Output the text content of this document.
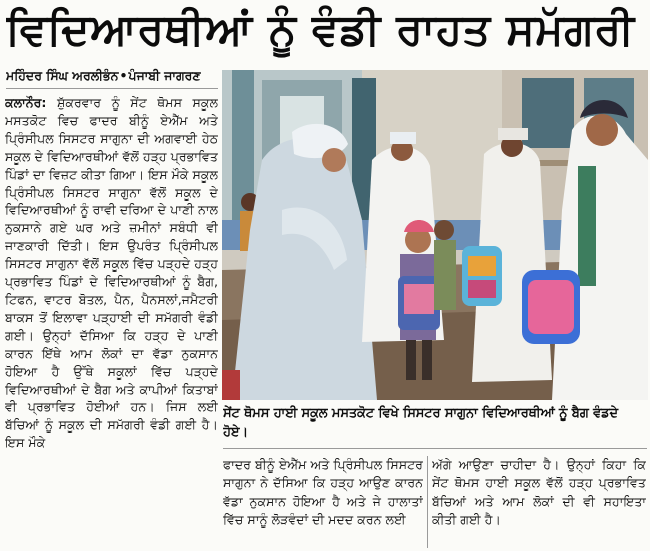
ਵਿਦਿਆਰਥੀਆਂ ਨੂੰ ਵੰਡੀ ਰਾਹਤ ਸਮੱਗਰੀ
ਮਹਿੰਦਰ ਸਿੰਘ ਅਰਲੀਭੰਨ•ਪੰਜਾਬੀ ਜਾਗਰਣ

ਕਲਾਨੌਰ: ਸ਼ੁੱਕਰਵਾਰ ਨੂੰ ਸੇਂਟ ਥੋਮਸ ਸਕੂਲ ਮਸਤਕੋਟ ਵਿਚ ਫਾਦਰ ਬੀਨੂੰ ਏਐੱਮ ਅਤੇ ਪ੍ਰਿੰਸੀਪਲ ਸਿਸਟਰ ਸਾਗੁਨਾ ਦੀ ਅਗਵਾਈ ਹੇਠ ਸਕੂਲ ਦੇ ਵਿਦਿਆਰਥੀਆਂ ਵੱਲੋਂ ਹੜ੍ਹ ਪ੍ਰਭਾਵਿਤ ਪਿੰਡਾਂ ਦਾ ਵਿਜ਼ਟ ਕੀਤਾ ਗਿਆ। ਇਸ ਮੌਕੇ ਸਕੂਲ ਪ੍ਰਿੰਸੀਪਲ ਸਿਸਟਰ ਸਾਗੁਨਾ ਵੱਲੋਂ ਸਕੂਲ ਦੇ ਵਿਦਿਆਰਥੀਆਂ ਨੂੰ ਰਾਵੀ ਦਰਿਆ ਦੇ ਪਾਣੀ ਨਾਲ ਨੁਕਸਾਨੇ ਗਏ ਘਰ ਅਤੇ ਜ਼ਮੀਨਾਂ ਸਬੰਧੀ ਵੀ ਜਾਣਕਾਰੀ ਦਿੱਤੀ। ਇਸ ਉਪਰੰਤ ਪ੍ਰਿੰਸੀਪਲ ਸਿਸਟਰ ਸਾਗੁਨਾ ਵੱਲੋਂ ਸਕੂਲ ਵਿੱਚ ਪੜ੍ਹਦੇ ਹੜ੍ਹ ਪ੍ਰਭਾਵਿਤ ਪਿੰਡਾਂ ਦੇ ਵਿਦਿਆਰਥੀਆਂ ਨੂੰ ਬੈਗ, ਟਿਫਨ, ਵਾਟਰ ਬੋਤਲ, ਪੈਨ, ਪੈਨਸਲਾਂ,ਜਮੈਟਰੀ ਬਾਕਸ ਤੋਂ ਇਲਾਵਾ ਪੜ੍ਹਾਈ ਦੀ ਸਮੱਗਰੀ ਵੰਡੀ ਗਈ। ਉਨ੍ਹਾਂ ਦੱਸਿਆ ਕਿ ਹੜ੍ਹ ਦੇ ਪਾਣੀ ਕਾਰਨ ਇੱਥੇ ਆਮ ਲੋਕਾਂ ਦਾ ਵੱਡਾ ਨੁਕਸਾਨ ਹੋਇਆ ਹੈ ਉੱਥੇ ਸਕੂਲਾਂ ਵਿੱਚ ਪੜ੍ਹਦੇ ਵਿਦਿਆਰਥੀਆਂ ਦੇ ਬੈਗ ਅਤੇ ਕਾਪੀਆਂ ਕਿਤਾਬਾਂ ਵੀ ਪ੍ਰਭਾਵਿਤ ਹੋਈਆਂ ਹਨ। ਜਿਸ ਲਈ ਬੱਚਿਆਂ ਨੂੰ ਸਕੂਲ ਦੀ ਸਮੱਗਰੀ ਵੰਡੀ ਗਈ ਹੈ। ਇਸ ਮੌਕੇ

ਸੇਂਟ ਥੋਮਸ ਹਾਈ ਸਕੂਲ ਮਸਤਕੋਟ ਵਿਖੇ ਸਿਸਟਰ ਸਾਗੁਨਾ ਵਿਦਿਆਰਥੀਆਂ ਨੂੰ ਬੈਗ ਵੰਡਦੇ ਹੋਏ।

ਫਾਦਰ ਬੀਨੂੰ ਏਐੱਮ ਅਤੇ ਪ੍ਰਿੰਸੀਪਲ ਸਿਸਟਰ ਸਾਗੁਨਾ ਨੇ ਦੱਸਿਆ ਕਿ ਹੜ੍ਹ ਆਉਣ ਕਾਰਨ ਵੱਡਾ ਨੁਕਸਾਨ ਹੋਇਆ ਹੈ ਅਤੇ ਜੇ ਹਾਲਾਤਾਂ ਵਿੱਚ ਸਾਨੂੰ ਲੋੜਵੰਦਾਂ ਦੀ ਮਦਦ ਕਰਨ ਲਈ

ਅੱਗੇ ਆਉਣਾ ਚਾਹੀਦਾ ਹੈ। ਉਨ੍ਹਾਂ ਕਿਹਾ ਕਿ ਸੇਂਟ ਥੋਮਸ ਹਾਈ ਸਕੂਲ ਵੱਲੋਂ ਹੜ੍ਹ ਪ੍ਰਭਾਵਿਤ ਬੱਚਿਆਂ ਅਤੇ ਆਮ ਲੋਕਾਂ ਦੀ ਵੀ ਸਹਾਇਤਾ ਕੀਤੀ ਗਈ ਹੈ।
